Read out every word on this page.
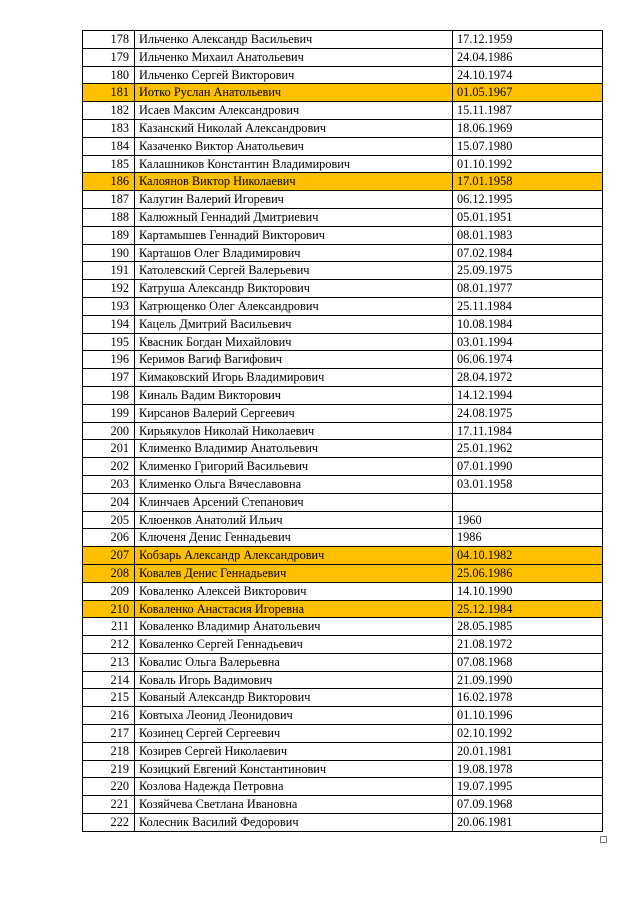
178	Ильченко Александр Васильевич	17.12.1959
179	Ильченко Михаил Анатольевич	24.04.1986
180	Ильченко Сергей Викторович	24.10.1974
181	Иотко Руслан Анатольевич	01.05.1967
182	Исаев Максим Александрович	15.11.1987
183	Казанский Николай Александрович	18.06.1969
184	Казаченко Виктор Анатольевич	15.07.1980
185	Калашников Константин Владимирович	01.10.1992
186	Калоянов Виктор Николаевич	17.01.1958
187	Калугин Валерий Игоревич	06.12.1995
188	Калюжный Геннадий Дмитриевич	05.01.1951
189	Картамышев Геннадий Викторович	08.01.1983
190	Карташов Олег Владимирович	07.02.1984
191	Католевский Сергей Валерьевич	25.09.1975
192	Катруша Александр Викторович	08.01.1977
193	Катрющенко Олег Александрович	25.11.1984
194	Кацель Дмитрий Васильевич	10.08.1984
195	Квасник Богдан Михайлович	03.01.1994
196	Керимов Вагиф Вагифович	06.06.1974
197	Кимаковский Игорь Владимирович	28.04.1972
198	Киналь Вадим Викторович	14.12.1994
199	Кирсанов Валерий Сергеевич	24.08.1975
200	Кирьякулов Николай Николаевич	17.11.1984
201	Клименко Владимир Анатольевич	25.01.1962
202	Клименко Григорий Васильевич	07.01.1990
203	Клименко Ольга Вячеславовна	03.01.1958
204	Клинчаев Арсений Степанович	
205	Клюенков Анатолий Ильич	1960
206	Ключеня Денис Геннадьевич	1986
207	Кобзарь Александр Александрович	04.10.1982
208	Ковалев Денис Геннадьевич	25.06.1986
209	Коваленко Алексей Викторович	14.10.1990
210	Коваленко Анастасия Игоревна	25.12.1984
211	Коваленко Владимир Анатольевич	28.05.1985
212	Коваленко Сергей Геннадьевич	21.08.1972
213	Ковалис Ольга Валерьевна	07.08.1968
214	Коваль Игорь Вадимович	21.09.1990
215	Кованый Александр Викторович	16.02.1978
216	Ковтыха Леонид Леонидович	01.10.1996
217	Козинец Сергей Сергеевич	02.10.1992
218	Козирев Сергей Николаевич	20.01.1981
219	Козицкий Евгений Константинович	19.08.1978
220	Козлова Надежда Петровна	19.07.1995
221	Козяйчева Светлана Ивановна	07.09.1968
222	Колесник Василий Федорович	20.06.1981
